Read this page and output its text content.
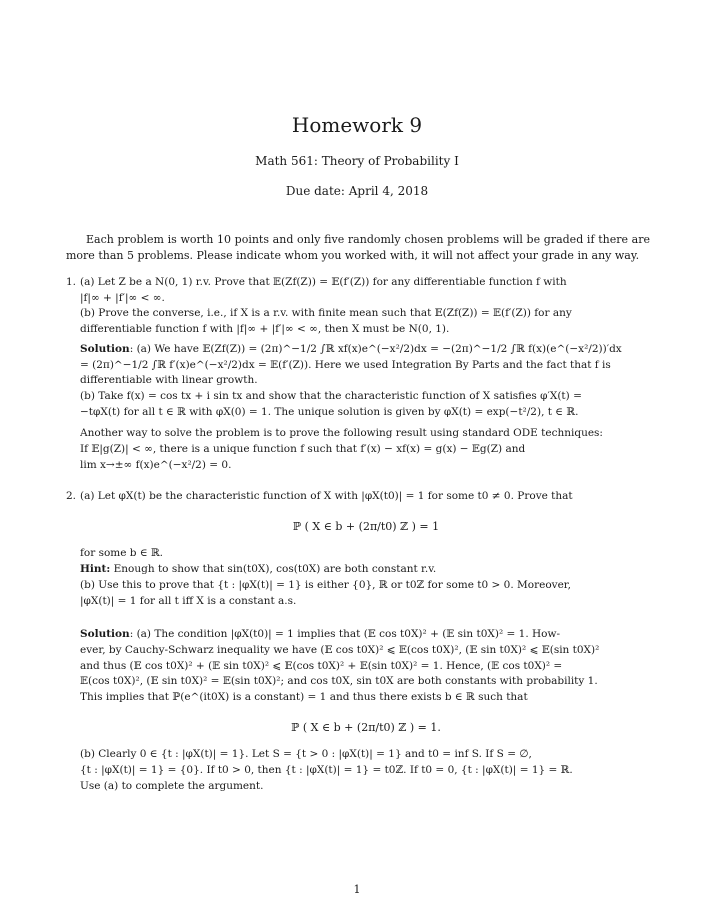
Homework 9
Math 561: Theory of Probability I
Due date: April 4, 2018
Each problem is worth 10 points and only five randomly chosen problems will be graded if there are more than 5 problems. Please indicate whom you worked with, it will not affect your grade in any way.
1. (a) Let Z be a N(0, 1) r.v. Prove that 𝔼(Zf(Z)) = 𝔼(f′(Z)) for any differentiable function f with
|f|∞ + |f′|∞ < ∞.
(b) Prove the converse, i.e., if X is a r.v. with finite mean such that 𝔼(Zf(Z)) = 𝔼(f′(Z)) for any
differentiable function f with |f|∞ + |f′|∞ < ∞, then X must be N(0, 1).
Solution: (a) We have 𝔼(Zf(Z)) = (2π)^−1/2 ∫ℝ xf(x)e^(−x²/2)dx = −(2π)^−1/2 ∫ℝ f(x)(e^(−x²/2))′dx
= (2π)^−1/2 ∫ℝ f′(x)e^(−x²/2)dx = 𝔼(f′(Z)). Here we used Integration By Parts and the fact that f is
differentiable with linear growth.
(b) Take f(x) = cos tx + i sin tx and show that the characteristic function of X satisfies φ′X(t) =
−tφX(t) for all t ∈ ℝ with φX(0) = 1. The unique solution is given by φX(t) = exp(−t²/2), t ∈ ℝ.
Another way to solve the problem is to prove the following result using standard ODE techniques:
If 𝔼|g(Z)| < ∞, there is a unique function f such that f′(x) − xf(x) = g(x) − 𝔼g(Z) and
lim x→±∞ f(x)e^(−x²/2) = 0.
2. (a) Let φX(t) be the characteristic function of X with |φX(t0)| = 1 for some t0 ≠ 0. Prove that
ℙ ( X ∈ b + (2π/t0) ℤ ) = 1
for some b ∈ ℝ.
Hint: Enough to show that sin(t0X), cos(t0X) are both constant r.v.
(b) Use this to prove that {t : |φX(t)| = 1} is either {0}, ℝ or t0ℤ for some t0 > 0. Moreover,
|φX(t)| = 1 for all t iff X is a constant a.s.
Solution: (a) The condition |φX(t0)| = 1 implies that (𝔼 cos t0X)² + (𝔼 sin t0X)² = 1. How-
ever, by Cauchy-Schwarz inequality we have (𝔼 cos t0X)² ⩽ 𝔼(cos t0X)², (𝔼 sin t0X)² ⩽ 𝔼(sin t0X)²
and thus (𝔼 cos t0X)² + (𝔼 sin t0X)² ⩽ 𝔼(cos t0X)² + 𝔼(sin t0X)² = 1. Hence, (𝔼 cos t0X)² =
𝔼(cos t0X)², (𝔼 sin t0X)² = 𝔼(sin t0X)²; and cos t0X, sin t0X are both constants with probability 1.
This implies that ℙ(e^(it0X) is a constant) = 1 and thus there exists b ∈ ℝ such that
ℙ ( X ∈ b + (2π/t0) ℤ ) = 1.
(b) Clearly 0 ∈ {t : |φX(t)| = 1}. Let S = {t > 0 : |φX(t)| = 1} and t0 = inf S. If S = ∅,
{t : |φX(t)| = 1} = {0}. If t0 > 0, then {t : |φX(t)| = 1} = t0ℤ. If t0 = 0, {t : |φX(t)| = 1} = ℝ.
Use (a) to complete the argument.
1
